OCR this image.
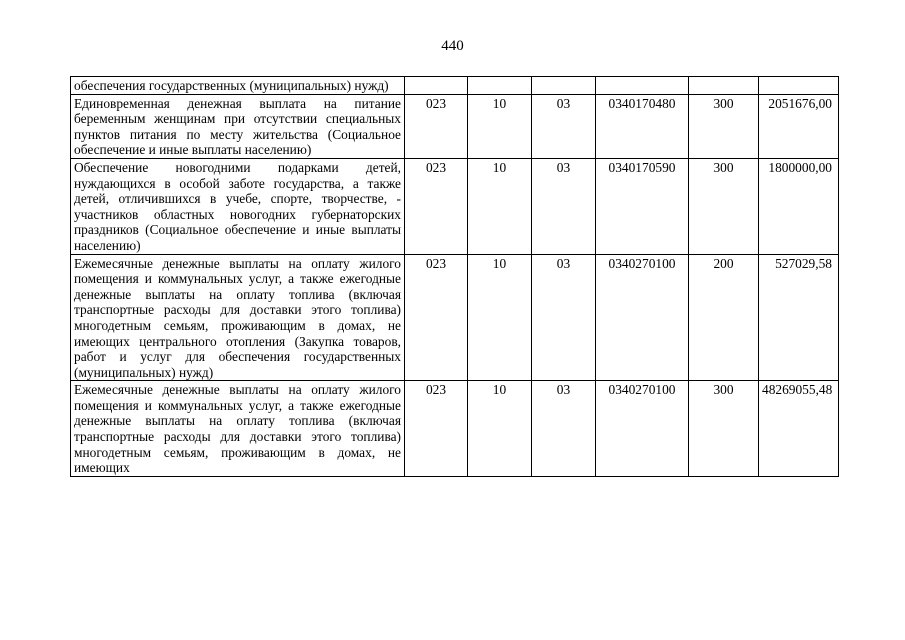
440
обеспечения государственных (муниципальных) нужд)						
Единовременная денежная выплата на питание беременным женщинам при отсутствии специальных пунктов питания по месту жительства (Социальное обеспечение и иные выплаты населению)	023	10	03	0340170480	300	2051676,00
Обеспечение новогодними подарками детей, нуждающихся в особой заботе государства, а также детей, отличившихся в учебе, спорте, творчестве, - участников областных новогодних губернаторских праздников (Социальное обеспечение и иные выплаты населению)	023	10	03	0340170590	300	1800000,00
Ежемесячные денежные выплаты на оплату жилого помещения и коммунальных услуг, а также ежегодные денежные выплаты на оплату топлива (включая транспортные расходы для доставки этого топлива) многодетным семьям, проживающим в домах, не имеющих центрального отопления (Закупка товаров, работ и услуг для обеспечения государственных (муниципальных) нужд)	023	10	03	0340270100	200	527029,58
Ежемесячные денежные выплаты на оплату жилого помещения и коммунальных услуг, а также ежегодные денежные выплаты на оплату топлива (включая транспортные расходы для доставки этого топлива) многодетным семьям, проживающим в домах, не имеющих	023	10	03	0340270100	300	48269055,48
